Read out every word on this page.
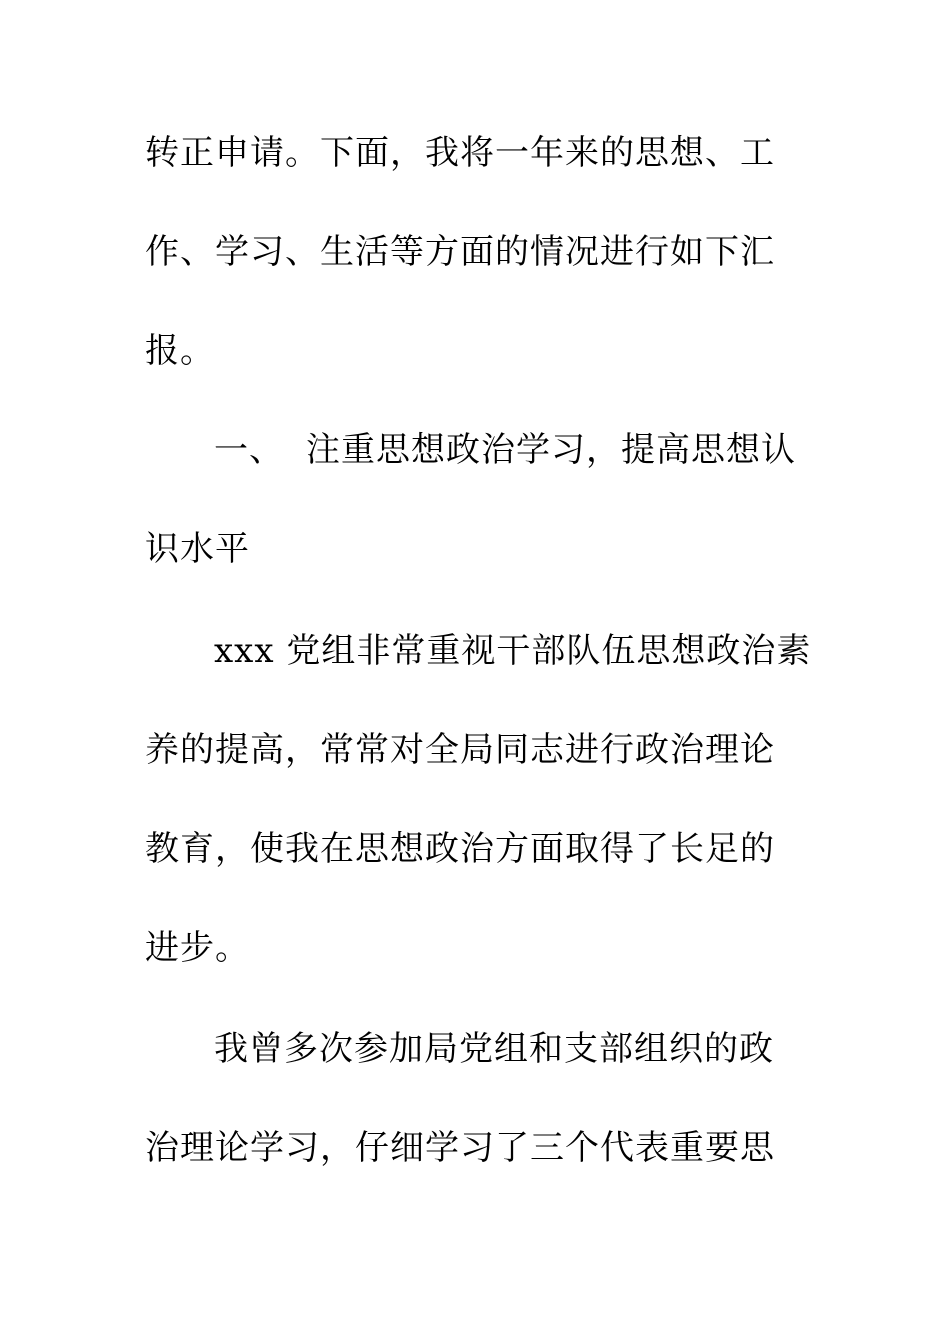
转正申请。下面，我将一年来的思想、工
作、学习、生活等方面的情况进行如下汇
报。
一、 注重思想政治学习，提高思想认
识水平
xxx 党组非常重视干部队伍思想政治素
养的提高，常常对全局同志进行政治理论
教育，使我在思想政治方面取得了长足的
进步。
我曾多次参加局党组和支部组织的政
治理论学习，仔细学习了三个代表重要思
